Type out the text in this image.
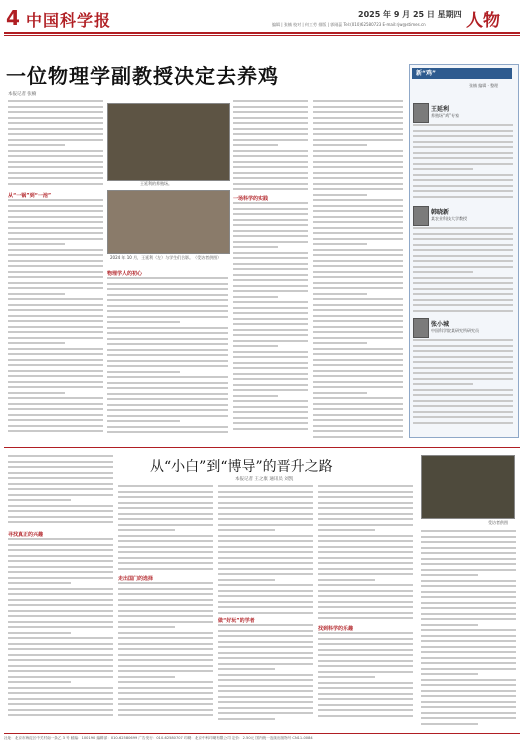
4 中国科学报	2025 年 9 月 25 日 星期四
编辑 | 张楠 校对 | 何工劳 排版 | 郭刚蕊 Tel:(010)62580723 E-mail:rjw@stimes.cn 人物
一位物理学副教授决定去养鸡
本报记者 张楠
从“一锅”到“一池”
王延利的养殖场。
2024 年 10 月，王延利（左）与学生们合影。（受访者供图）
物理学人的初心
一场科学的实践
新“鸡”
张楠 编辑 · 整理
王延利
养殖场“鸡”专家
韩晓新
某农业科技大学教授
张小城
中国科学院某研究所研究员
从“小白”到“博导”的晋升之路
本报记者 王之康 通讯员 刘凯
受访者供图
寻找真正的兴趣
走出国门的选择
做“好玩”的学者
找到科学的乐趣
社址：北京市海淀区中关村南一条乙 3 号 邮编：100190 编辑部：010-62580699 广告发行：010-62580707 印刷：北京中科印刷有限公司 定价：2.50元 国内统一连续出版物号 CN11-0084
